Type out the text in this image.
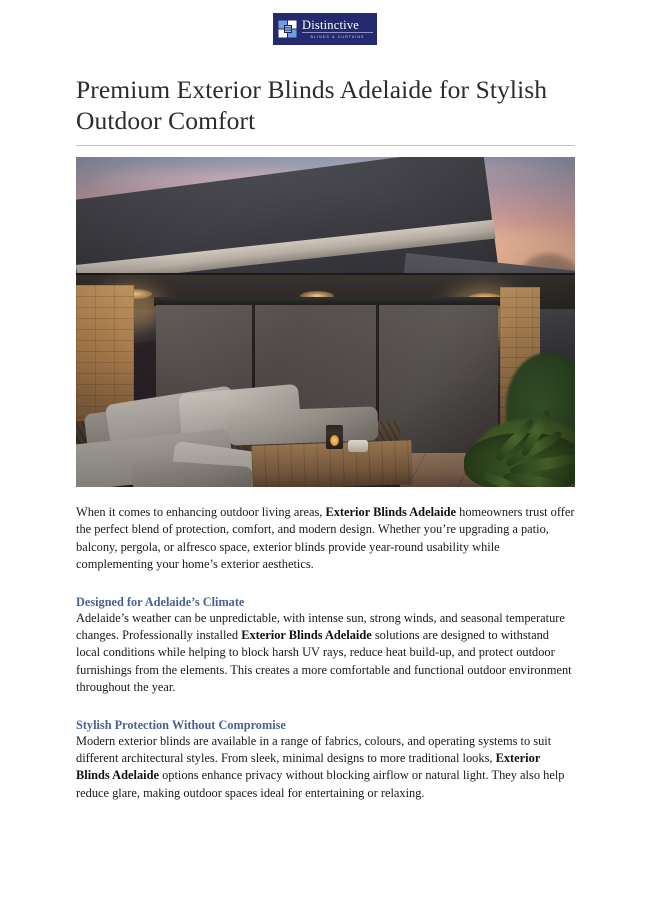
Distinctive
BLINDS & CURTAINS
Premium Exterior Blinds Adelaide for Stylish Outdoor Comfort

When it comes to enhancing outdoor living areas, Exterior Blinds Adelaide homeowners trust offer the perfect blend of protection, comfort, and modern design. Whether you’re upgrading a patio, balcony, pergola, or alfresco space, exterior blinds provide year-round usability while complementing your home’s exterior aesthetics.

Designed for Adelaide’s Climate

Adelaide’s weather can be unpredictable, with intense sun, strong winds, and seasonal temperature changes. Professionally installed Exterior Blinds Adelaide solutions are designed to withstand local conditions while helping to block harsh UV rays, reduce heat build-up, and protect outdoor furnishings from the elements. This creates a more comfortable and functional outdoor environment throughout the year.

Stylish Protection Without Compromise

Modern exterior blinds are available in a range of fabrics, colours, and operating systems to suit different architectural styles. From sleek, minimal designs to more traditional looks, Exterior Blinds Adelaide options enhance privacy without blocking airflow or natural light. They also help reduce glare, making outdoor spaces ideal for entertaining or relaxing.
